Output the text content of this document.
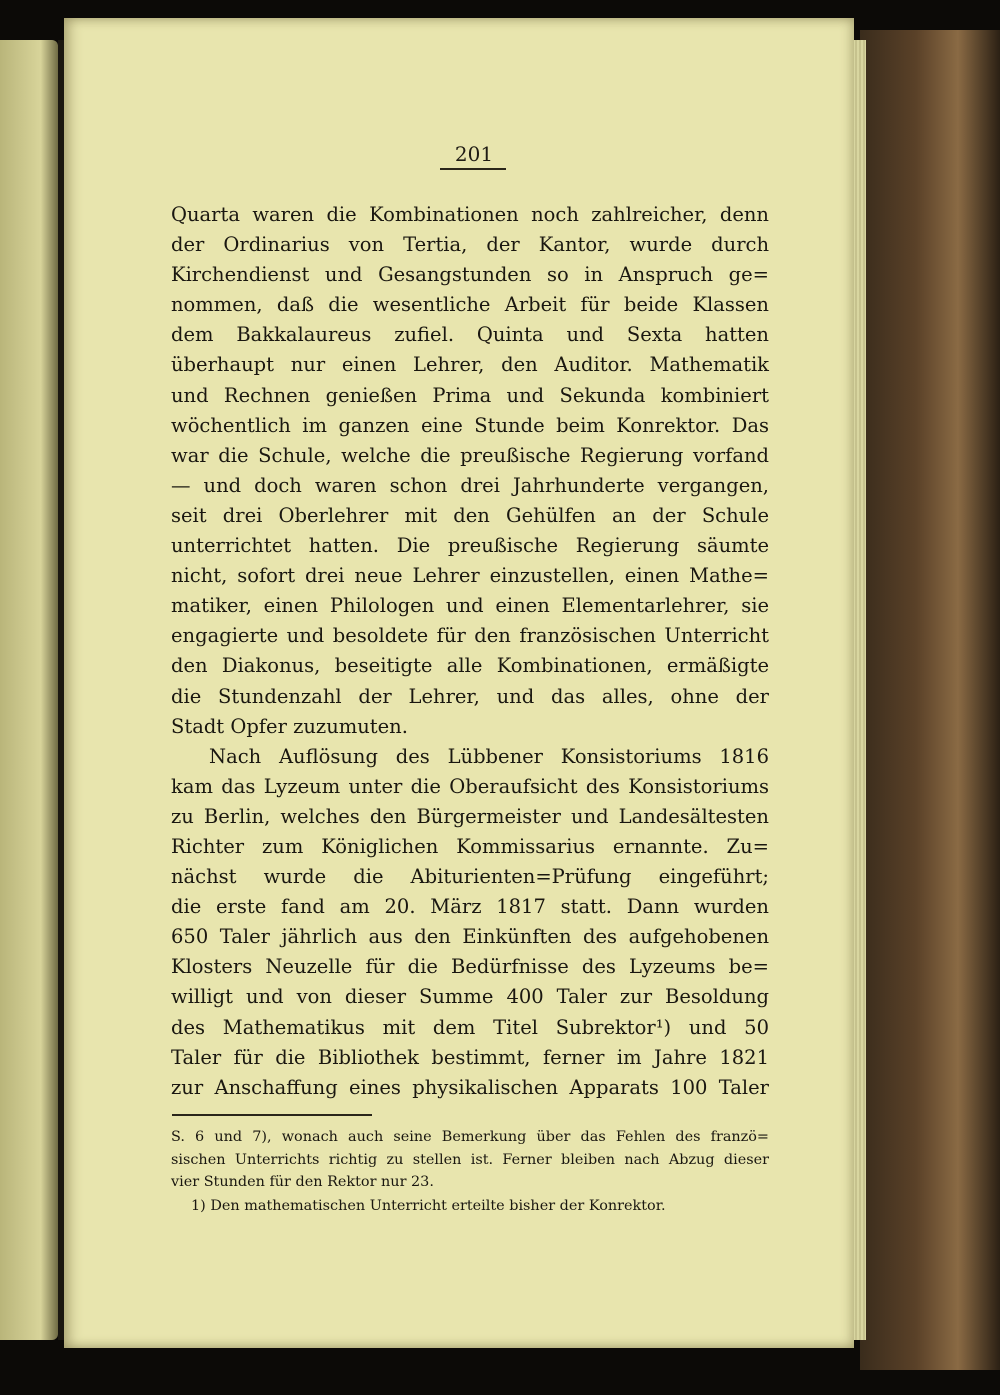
201
Quarta waren die Kombinationen noch zahlreicher, denn
der Ordinarius von Tertia, der Kantor, wurde durch
Kirchendienst und Gesangstunden so in Anspruch ge=
nommen, daß die wesentliche Arbeit für beide Klassen
dem Bakkalaureus zufiel. Quinta und Sexta hatten
überhaupt nur einen Lehrer, den Auditor. Mathematik
und Rechnen genießen Prima und Sekunda kombiniert
wöchentlich im ganzen eine Stunde beim Konrektor. Das
war die Schule, welche die preußische Regierung vorfand
— und doch waren schon drei Jahrhunderte vergangen,
seit drei Oberlehrer mit den Gehülfen an der Schule
unterrichtet hatten. Die preußische Regierung säumte
nicht, sofort drei neue Lehrer einzustellen, einen Mathe=
matiker, einen Philologen und einen Elementarlehrer, sie
engagierte und besoldete für den französischen Unterricht
den Diakonus, beseitigte alle Kombinationen, ermäßigte
die Stundenzahl der Lehrer, und das alles, ohne der
Stadt Opfer zuzumuten.
Nach Auflösung des Lübbener Konsistoriums 1816
kam das Lyzeum unter die Oberaufsicht des Konsistoriums
zu Berlin, welches den Bürgermeister und Landesältesten
Richter zum Königlichen Kommissarius ernannte. Zu=
nächst wurde die Abiturienten=Prüfung eingeführt;
die erste fand am 20. März 1817 statt. Dann wurden
650 Taler jährlich aus den Einkünften des aufgehobenen
Klosters Neuzelle für die Bedürfnisse des Lyzeums be=
willigt und von dieser Summe 400 Taler zur Besoldung
des Mathematikus mit dem Titel Subrektor¹) und 50
Taler für die Bibliothek bestimmt, ferner im Jahre 1821
zur Anschaffung eines physikalischen Apparats 100 Taler
S. 6 und 7), wonach auch seine Bemerkung über das Fehlen des franzö=
sischen Unterrichts richtig zu stellen ist. Ferner bleiben nach Abzug dieser
vier Stunden für den Rektor nur 23.
1) Den mathematischen Unterricht erteilte bisher der Konrektor.
